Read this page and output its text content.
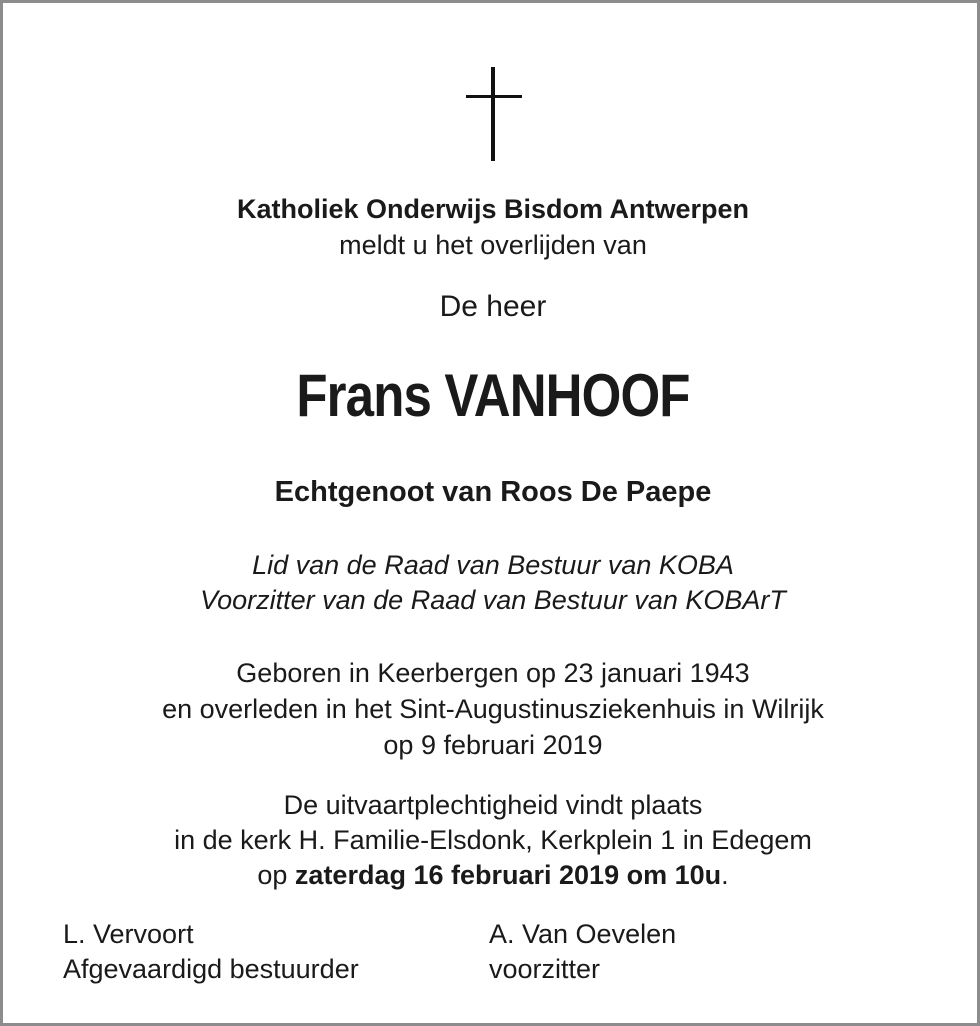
Katholiek Onderwijs Bisdom Antwerpen
meldt u het overlijden van
De heer
Frans VANHOOF
Echtgenoot van Roos De Paepe
Lid van de Raad van Bestuur van KOBA
Voorzitter van de Raad van Bestuur van KOBArT
Geboren in Keerbergen op 23 januari 1943
en overleden in het Sint-Augustinusziekenhuis in Wilrijk
op 9 februari 2019
De uitvaartplechtigheid vindt plaats
in de kerk H. Familie-Elsdonk, Kerkplein 1 in Edegem
op zaterdag 16 februari 2019 om 10u.
L. Vervoort
Afgevaardigd bestuurder
A. Van Oevelen
voorzitter
